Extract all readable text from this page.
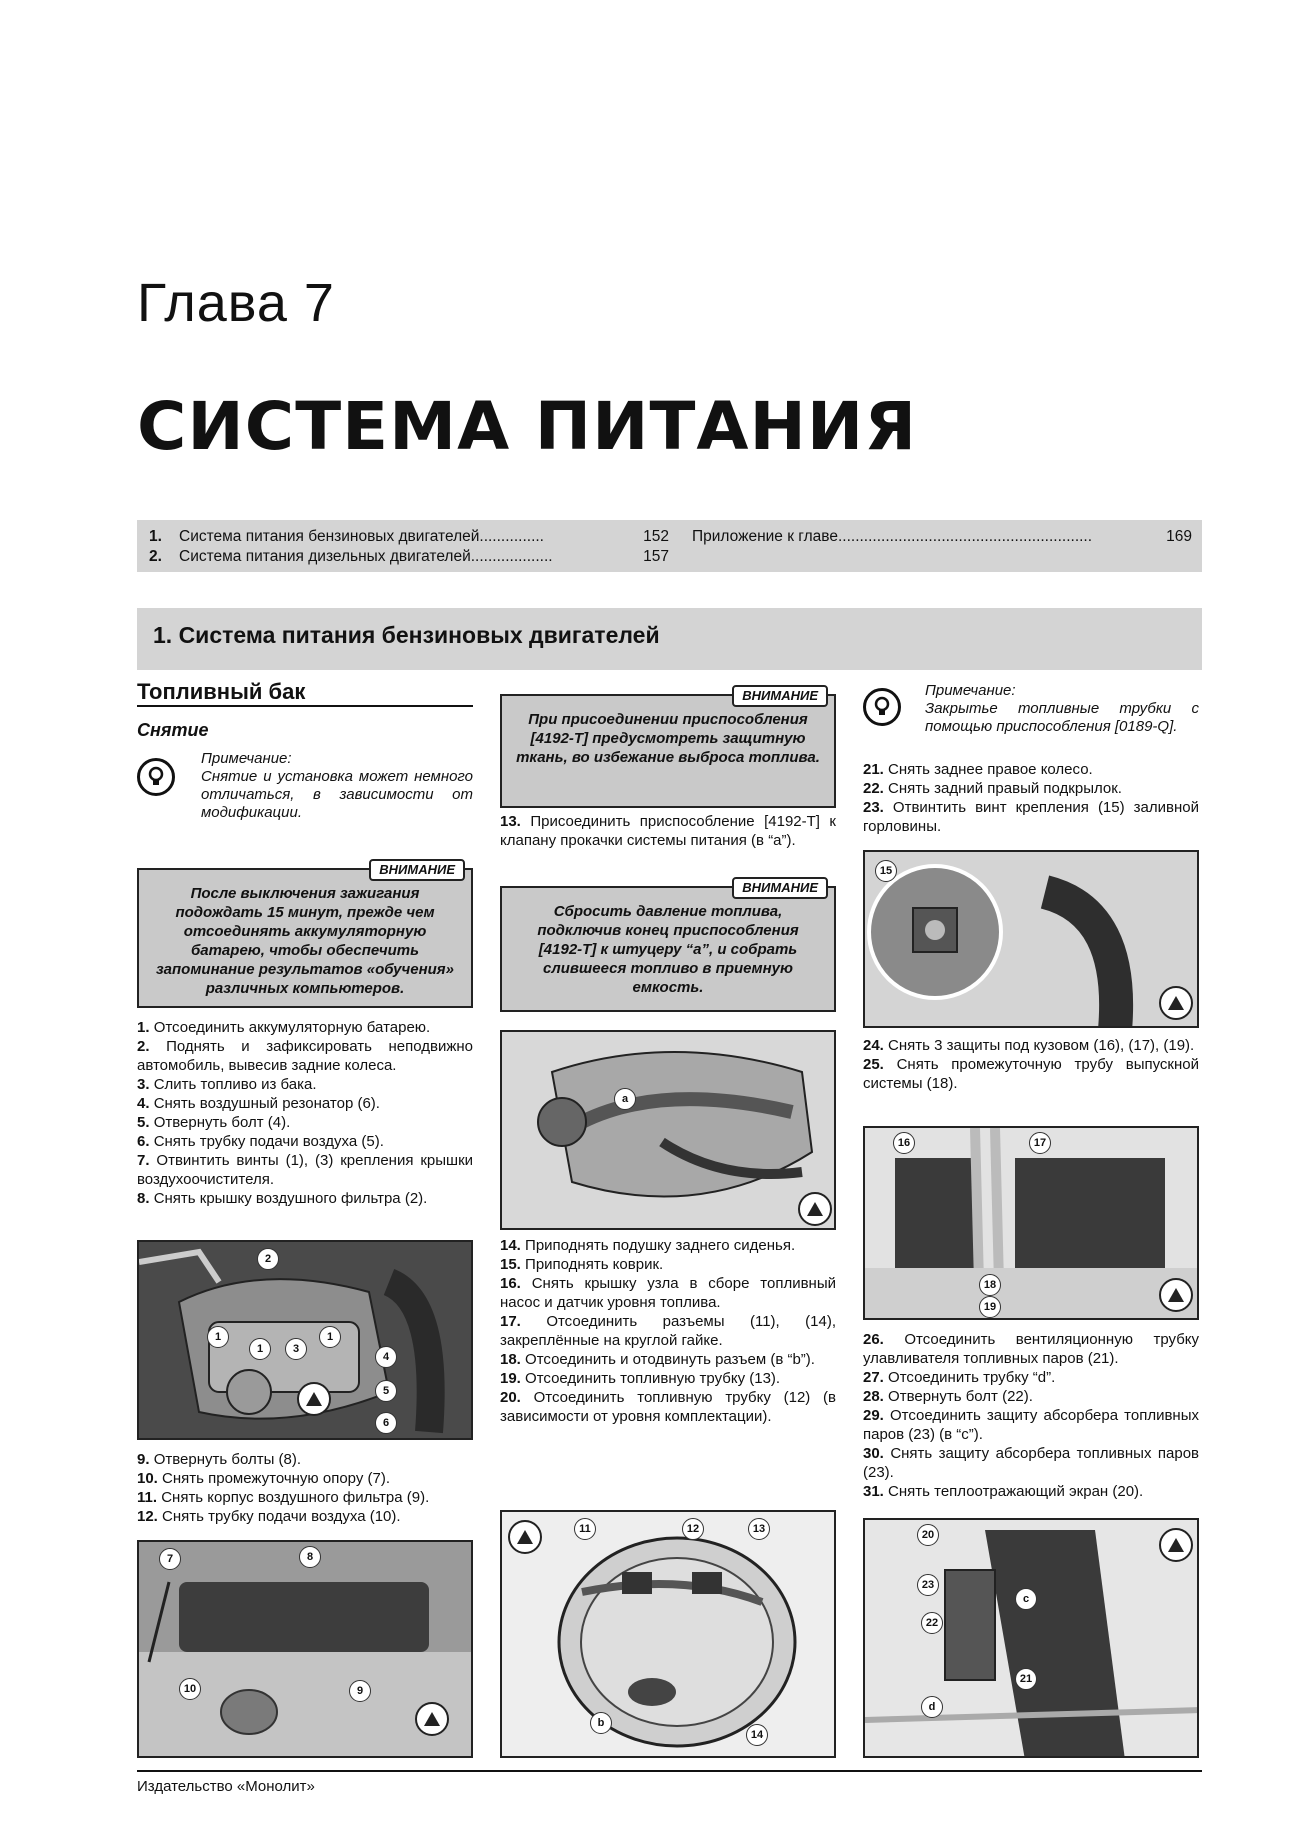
Глава 7
СИСТЕМА ПИТАНИЯ
1.	Система питания бензиновых двигателей ...............	152
2.	Система питания дизельных двигателей ...................	157
Приложение к главе ...........................................................	169
1. Система питания бензиновых двигателей
Топливный бак
Снятие
Примечание:
Снятие и установка может немного отличаться, в зависимости от модификации.
ВНИМАНИЕ
После выключения зажигания подождать 15 минут, прежде чем отсоединять аккумуляторную батарею, чтобы обеспечить запоминание результатов «обучения» различных компьютеров.

1. Отсоединить аккумуляторную батарею.

2. Поднять и зафиксировать неподвижно автомобиль, вывесив задние колеса.

3. Слить топливо из бака.

4. Снять воздушный резонатор (6).

5. Отвернуть болт (4).

6. Снять трубку подачи воздуха (5).

7. Отвинтить винты (1), (3) крепления крышки воздухоочистителя.

8. Снять крышку воздушного фильтра (2).

2
1
1	3
1
4
5
6

9. Отвернуть болты (8).

10. Снять промежуточную опору (7).

11. Снять корпус воздушного фильтра (9).

12. Снять трубку подачи воздуха (10).

7	8
10	9
ВНИМАНИЕ
При присоединении приспособления [4192-T] предусмотреть защитную ткань, во избежание выброса топлива.

13. Присоединить приспособление [4192-T] к клапану прокачки системы питания (в “а”).

ВНИМАНИЕ
Сбросить давление топлива, подключив конец приспособления [4192-T] к штуцеру “а”, и собрать слившееся топливо в приемную емкость.
a

14. Приподнять подушку заднего сиденья.

15. Приподнять коврик.

16. Снять крышку узла в сборе топливный насос и датчик уровня топлива.

17. Отсоединить разъемы (11), (14), закреплённые на круглой гайке.

18. Отсоединить и отодвинуть разъем (в “b”).

19. Отсоединить топливную трубку (13).

20. Отсоединить топливную трубку (12) (в зависимости от уровня комплектации).

11	12	13
b
14
Примечание:
Закрытье топливные трубки с помощью приспособления [0189-Q].

21. Снять заднее правое колесо.

22. Снять задний правый подкрылок.

23. Отвинтить винт крепления (15) заливной горловины.

15

24. Снять 3 защиты под кузовом (16), (17), (19).

25. Снять промежуточную трубу выпускной системы (18).

16	17
18
19

26. Отсоединить вентиляционную трубку улавливателя топливных паров (21).

27. Отсоединить трубку “d”.

28. Отвернуть болт (22).

29. Отсоединить защиту абсорбера топливных паров (23) (в “c”).

30. Снять защиту абсорбера топливных паров (23).

31. Снять теплоотражающий экран (20).

20
23
c
22
21
d
Издательство «Монолит»
